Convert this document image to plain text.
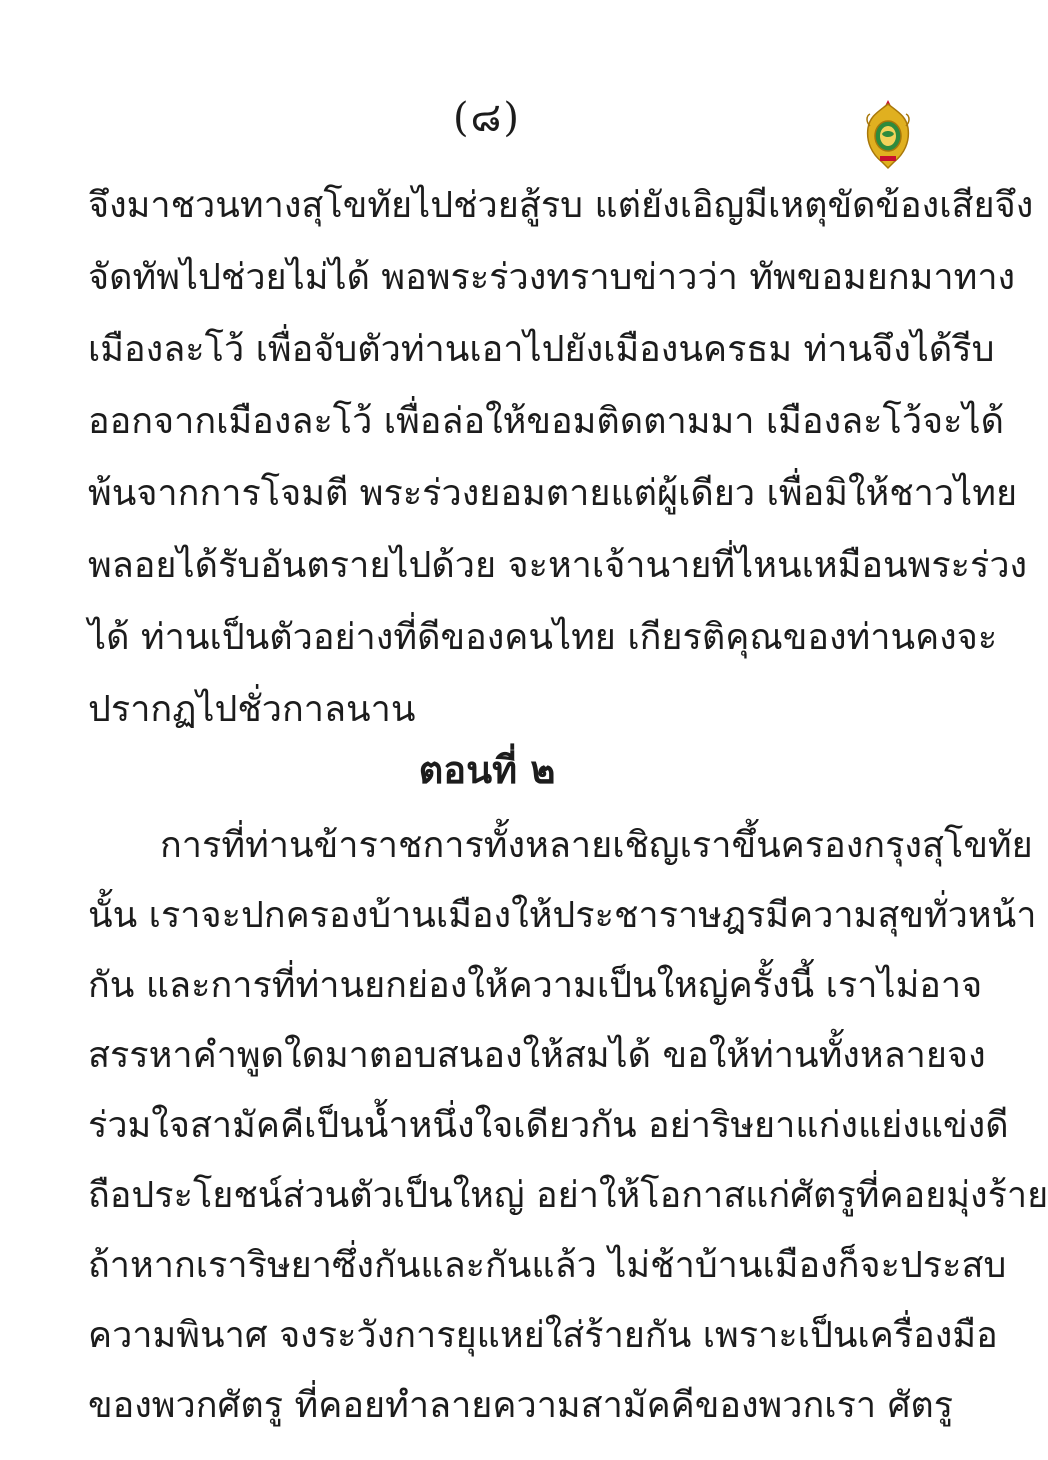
(๘)
จึงมาชวนทางสุโขทัยไปช่วยสู้รบ แต่ยังเอิญมีเหตุขัดข้องเสียจึง
จัดทัพไปช่วยไม่ได้ พอพระร่วงทราบข่าวว่า ทัพขอมยกมาทาง
เมืองละโว้ เพื่อจับตัวท่านเอาไปยังเมืองนครธม ท่านจึงได้รีบ
ออกจากเมืองละโว้ เพื่อล่อให้ขอมติดตามมา เมืองละโว้จะได้
พ้นจากการโจมตี พระร่วงยอมตายแต่ผู้เดียว เพื่อมิให้ชาวไทย
พลอยได้รับอันตรายไปด้วย จะหาเจ้านายที่ไหนเหมือนพระร่วง
ได้ ท่านเป็นตัวอย่างที่ดีของคนไทย เกียรติคุณของท่านคงจะ
ปรากฏไปชั่วกาลนาน
ตอนที่ ๒
การที่ท่านข้าราชการทั้งหลายเชิญเราขึ้นครองกรุงสุโขทัย
นั้น เราจะปกครองบ้านเมืองให้ประชาราษฎรมีความสุขทั่วหน้า
กัน และการที่ท่านยกย่องให้ความเป็นใหญ่ครั้งนี้ เราไม่อาจ
สรรหาคำพูดใดมาตอบสนองให้สมได้ ขอให้ท่านทั้งหลายจง
ร่วมใจสามัคคีเป็นน้ำหนึ่งใจเดียวกัน อย่าริษยาแก่งแย่งแข่งดี
ถือประโยชน์ส่วนตัวเป็นใหญ่ อย่าให้โอกาสแก่ศัตรูที่คอยมุ่งร้าย
ถ้าหากเราริษยาซึ่งกันและกันแล้ว ไม่ช้าบ้านเมืองก็จะประสบ
ความพินาศ จงระวังการยุแหย่ใส่ร้ายกัน เพราะเป็นเครื่องมือ
ของพวกศัตรู ที่คอยทำลายความสามัคคีของพวกเรา ศัตรู
